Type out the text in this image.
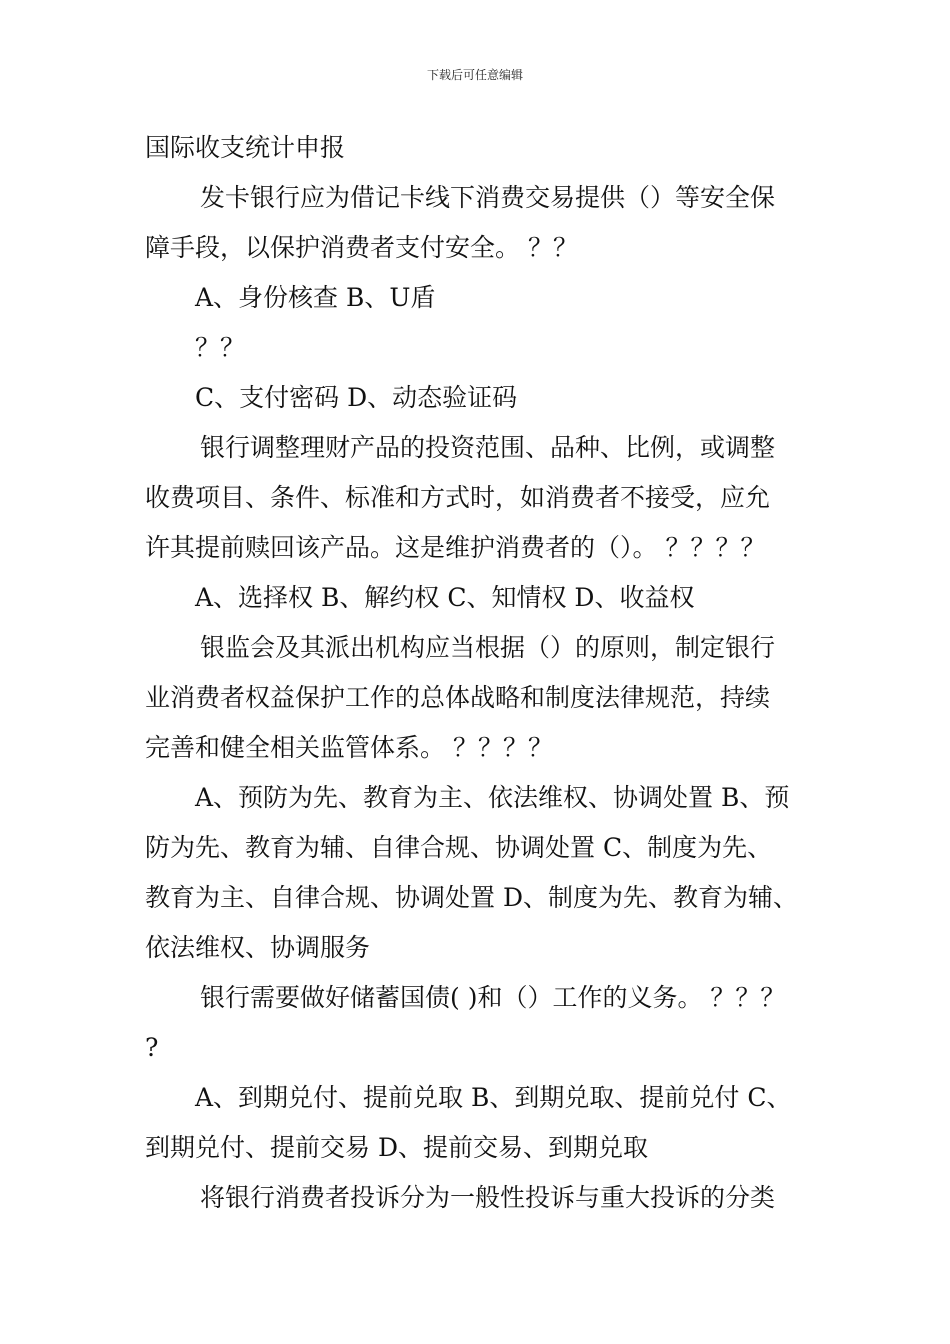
下载后可任意编辑
国际收支统计申报
发卡银行应为借记卡线下消费交易提供（）等安全保
障手段，以保护消费者支付安全。 ？？
A、身份核查 B、U盾
？？
C、支付密码 D、动态验证码
银行调整理财产品的投资范围、品种、比例，或调整
收费项目、条件、标准和方式时，如消费者不接受，应允
许其提前赎回该产品。这是维护消费者的（）。 ？？？？
A、选择权 B、解约权 C、知情权 D、收益权
银监会及其派出机构应当根据（）的原则，制定银行
业消费者权益保护工作的总体战略和制度法律规范，持续
完善和健全相关监管体系。 ？？？？
A、预防为先、教育为主、依法维权、协调处置 B、预
防为先、教育为辅、自律合规、协调处置 C、制度为先、
教育为主、自律合规、协调处置 D、制度为先、教育为辅、
依法维权、协调服务
银行需要做好储蓄国债( )和（）工作的义务。 ？？？
?
A、到期兑付、提前兑取 B、到期兑取、提前兑付 C、
到期兑付、提前交易 D、提前交易、到期兑取
将银行消费者投诉分为一般性投诉与重大投诉的分类
